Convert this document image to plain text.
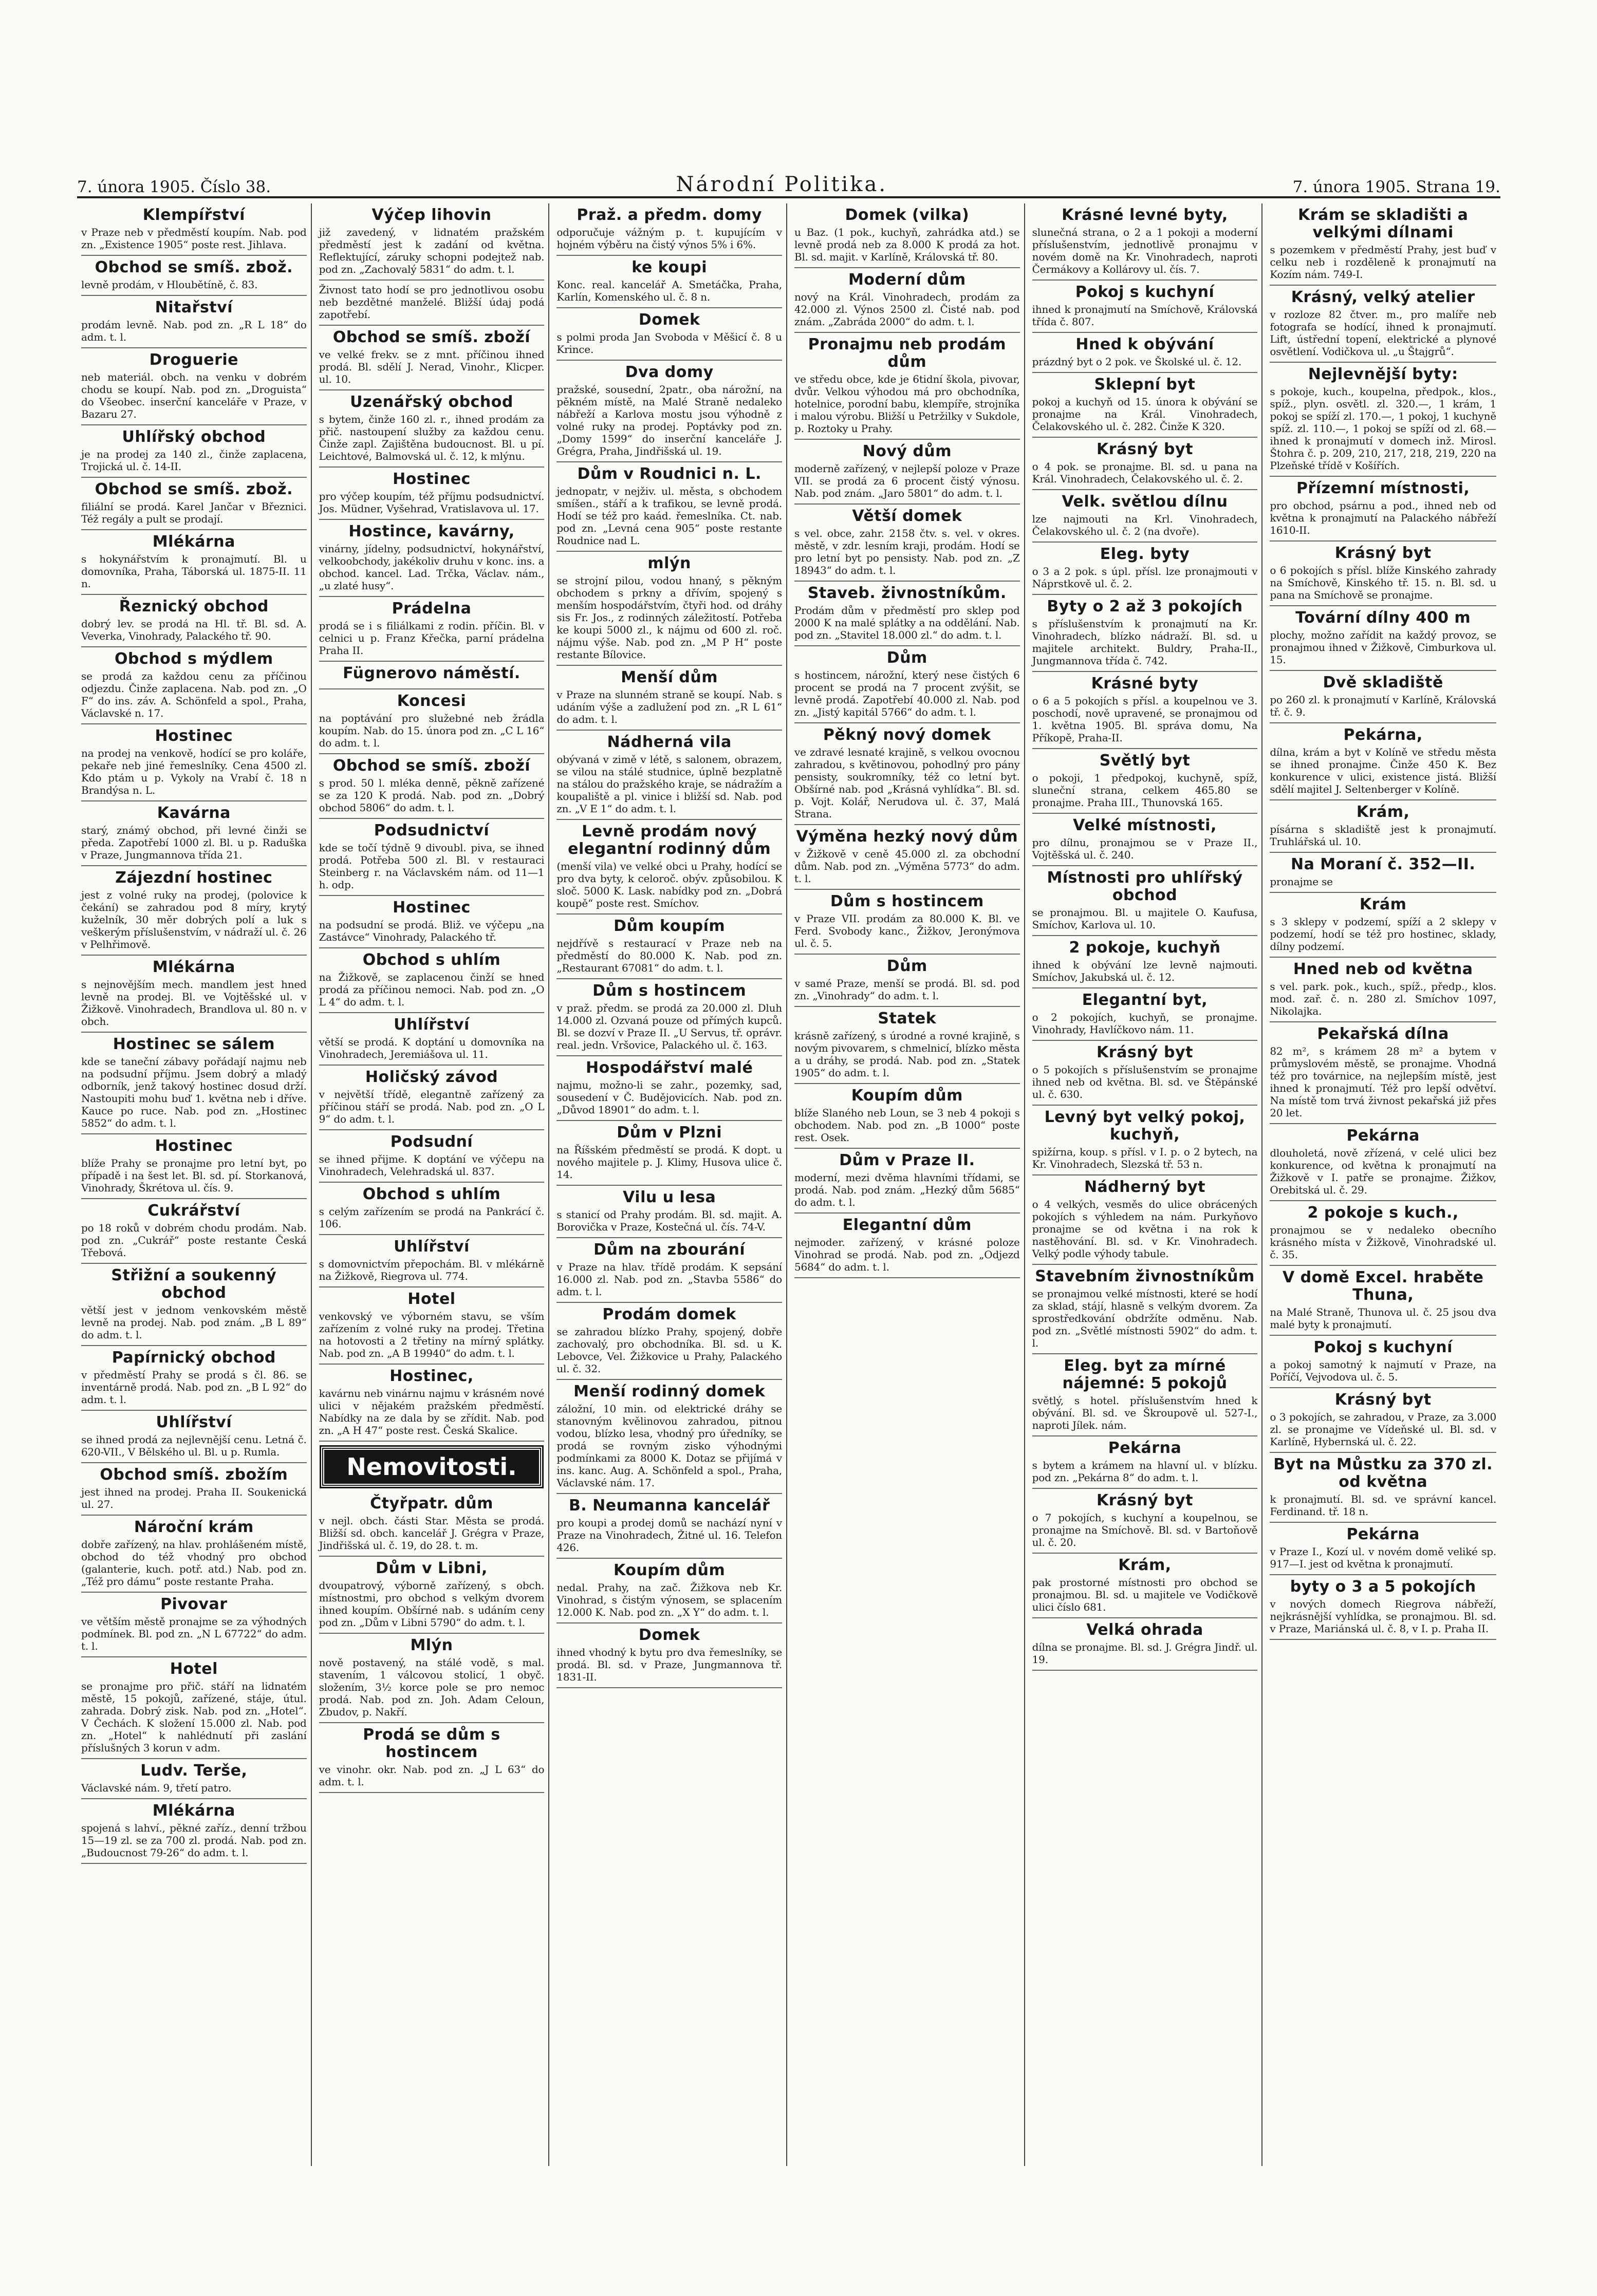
7. února 1905. Číslo 38.	Národní Politika.	7. února 1905. Strana 19.
Klempířství

v Praze neb v předměstí koupím. Nab. pod zn. „Existence 1905“ poste rest. Jihlava.

Obchod se smíš. zbož.

levně prodám, v Hloubětíně, č. 83.

Nitařství

prodám levně. Nab. pod zn. „R L 18“ do adm. t. l.

Droguerie

neb materiál. obch. na venku v dobrém chodu se koupí. Nab. pod zn. „Droguista“ do Všeobec. inserční kanceláře v Praze, v Bazaru 27.

Uhlířský obchod

je na prodej za 140 zl., činže zaplacena, Trojická ul. č. 14-II.

Obchod se smíš. zbož.

filiální se prodá. Karel Jančar v Březnici. Též regály a pult se prodají.

Mlékárna

s hokynářstvím k pronajmutí. Bl. u domovníka, Praha, Táborská ul. 1875-II. 11 n.

Řeznický obchod

dobrý lev. se prodá na Hl. tř. Bl. sd. A. Veverka, Vinohrady, Palackého tř. 90.

Obchod s mýdlem

se prodá za každou cenu za příčinou odjezdu. Činže zaplacena. Nab. pod zn. „O F“ do ins. záv. A. Schönfeld a spol., Praha, Václavské n. 17.

Hostinec

na prodej na venkově, hodící se pro koláře, pekaře neb jiné řemeslníky. Cena 4500 zl. Kdo ptám u p. Vykoly na Vrabí č. 18 n Brandýsa n. L.

Kavárna

starý, známý obchod, při levné činži se předa. Zapotřebí 1000 zl. Bl. u p. Raduška v Praze, Jungmannova třída 21.

Zájezdní hostinec

jest z volné ruky na prodej, (polovice k čekání) se zahradou pod 8 míry, krytý kuželník, 30 měr dobrých polí a luk s veškerým příslušenstvím, v nádraží ul. č. 26 v Pelhřimově.

Mlékárna

s nejnovějším mech. mandlem jest hned levně na prodej. Bl. ve Vojtěšské ul. v Žižkově. Vinohradech, Brandlova ul. 80 n. v obch.

Hostinec se sálem

kde se taneční zábavy pořádají najmu neb na podsudní příjmu. Jsem dobrý a mladý odborník, jenž takový hostinec dosud drží. Nastoupiti mohu buď 1. května neb i dříve. Kauce po ruce. Nab. pod zn. „Hostinec 5852“ do adm. t. l.

Hostinec

blíže Prahy se pronajme pro letní byt, po případě i na šest let. Bl. sd. pí. Storkanová, Vinohrady, Škrétova ul. čís. 9.

Cukrářství

po 18 roků v dobrém chodu prodám. Nab. pod zn. „Cukrář“ poste restante Česká Třebová.

Střižní a soukenný obchod

větší jest v jednom venkovském městě levně na prodej. Nab. pod znám. „B L 89“ do adm. t. l.

Papírnický obchod

v předměstí Prahy se prodá s čl. 86. se inventárně prodá. Nab. pod zn. „B L 92“ do adm. t. l.

Uhlířství

se ihned prodá za nejlevnější cenu. Letná č. 620-VII., V Bělského ul. Bl. u p. Rumla.

Obchod smíš. zbožím

jest ihned na prodej. Praha II. Soukenická ul. 27.

Nároční krám

dobře zařízený, na hlav. prohlášeném místě, obchod do též vhodný pro obchod (galanterie, kuch. potř. atd.) Nab. pod zn. „Též pro dámu“ poste restante Praha.

Pivovar

ve větším městě pronajme se za výhodných podmínek. Bl. pod zn. „N L 67722“ do adm. t. l.

Hotel

se pronajme pro přič. stáří na lidnatém městě, 15 pokojů, zařízené, stáje, útul. zahrada. Dobrý zisk. Nab. pod zn. „Hotel“. V Čechách. K složení 15.000 zl. Nab. pod zn. „Hotel“ k nahlédnutí při zaslání příslušných 3 korun v adm.

Ludv. Terše,

Václavské nám. 9, třetí patro.

Mlékárna

spojená s lahví., pěkné zaříz., denní tržbou 15—19 zl. se za 700 zl. prodá. Nab. pod zn. „Budoucnost 79-26“ do adm. t. l.

Výčep lihovin

již zavedený, v lidnatém pražském předměstí jest k zadání od května. Reflektující, záruky schopni podejtež nab. pod zn. „Zachovalý 5831“ do adm. t. l.

Živnost tato hodí se pro jednotlivou osobu neb bezdětné manželé. Bližší údaj podá zapotřebí.

Obchod se smíš. zboží

ve velké frekv. se z mnt. příčinou ihned prodá. Bl. sdělí J. Nerad, Vinohr., Klicper. ul. 10.

Uzenářský obchod

s bytem, činže 160 zl. r., ihned prodám za přič. nastoupení služby za každou cenu. Činže zapl. Zajištěna budoucnost. Bl. u pí. Leichtové, Balmovská ul. č. 12, k mlýnu.

Hostinec

pro výčep koupím, též příjmu podsudnictví. Jos. Müdner, Vyšehrad, Vratislavova ul. 17.

Hostince, kavárny,

vinárny, jídelny, podsudnictví, hokynářství, velkoobchody, jakékoliv druhu v konc. ins. a obchod. kancel. Lad. Trčka, Václav. nám., „u zlaté husy“.

Prádelna

prodá se i s filiálkami z rodin. příčin. Bl. v celnici u p. Franz Křečka, parní prádelna Praha II.

Fügnerovo náměstí.
Koncesi

na poptávání pro služebné neb žrádla koupím. Nab. do 15. února pod zn. „C L 16“ do adm. t. l.

Obchod se smíš. zboží

s prod. 50 l. mléka denně, pěkně zařízené se za 120 K prodá. Nab. pod zn. „Dobrý obchod 5806“ do adm. t. l.

Podsudnictví

kde se točí týdně 9 divoubl. piva, se ihned prodá. Potřeba 500 zl. Bl. v restauraci Steinberg r. na Václavském nám. od 11—1 h. odp.

Hostinec

na podsudní se prodá. Bliž. ve výčepu „na Zastávce“ Vinohrady, Palackého tř.

Obchod s uhlím

na Žižkově, se zaplacenou činží se hned prodá za příčinou nemoci. Nab. pod zn. „O L 4“ do adm. t. l.

Uhlířství

větší se prodá. K doptání u domovníka na Vinohradech, Jeremiášova ul. 11.

Holičský závod

v největší třídě, elegantně zařízený za příčinou stáří se prodá. Nab. pod zn. „O L 9“ do adm. t. l.

Podsudní

se ihned přijme. K doptání ve výčepu na Vinohradech, Velehradská ul. 837.

Obchod s uhlím

s celým zařízením se prodá na Pankrácí č. 106.

Uhlířství

s domovnictvím přepochám. Bl. v mlékárně na Žižkově, Riegrova ul. 774.

Hotel

venkovský ve výborném stavu, se vším zařízením z volné ruky na prodej. Třetina na hotovosti a 2 třetiny na mírný splátky. Nab. pod zn. „A B 19940“ do adm. t. l.

Hostinec,

kavárnu neb vinárnu najmu v krásném nové ulici v nějakém pražském předměstí. Nabídky na ze dala by se zřídit. Nab. pod zn. „A H 47“ poste rest. Česká Skalice.

Nemovitosti.
Čtyřpatr. dům

v nejl. obch. části Star. Města se prodá. Bližší sd. obch. kancelář J. Grégra v Praze, Jindřišská ul. č. 19, do 28. t. m.

Dům v Libni,

dvoupatrový, výborně zařízený, s obch. místnostmi, pro obchod s velkým dvorem ihned koupím. Obšírné nab. s udáním ceny pod zn. „Dům v Libni 5790“ do adm. t. l.

Mlýn

nově postavený, na stálé vodě, s mal. stavením, 1 válcovou stolicí, 1 obyč. složením, 3½ korce pole se pro nemoc prodá. Nab. pod zn. Joh. Adam Celoun, Zbudov, p. Nakří.

Prodá se dům s hostincem

ve vinohr. okr. Nab. pod zn. „J L 63“ do adm. t. l.

Praž. a předm. domy

odporučuje vážným p. t. kupujícím v hojném výběru na čistý výnos 5% i 6%.

ke koupi

Konc. real. kancelář A. Smetáčka, Praha, Karlín, Komenského ul. č. 8 n.

Domek

s polmi proda Jan Svoboda v Měšicí č. 8 u Krince.

Dva domy

pražské, sousední, 2patr., oba nárožní, na pěkném místě, na Malé Straně nedaleko nábřeží a Karlova mostu jsou výhodně z volné ruky na prodej. Poptávky pod zn. „Domy 1599“ do inserční kanceláře J. Grégra, Praha, Jindřišská ul. 19.

Dům v Roudnici n. L.

jednopatr, v nejživ. ul. města, s obchodem smíšen., stáří a k trafikou, se levně prodá. Hodí se též pro kaád. řemeslníka. Ct. nab. pod zn. „Levná cena 905“ poste restante Roudnice nad L.

mlýn

se strojní pilou, vodou hnaný, s pěkným obchodem s prkny a dřívím, spojený s menším hospodářstvím, čtyři hod. od dráhy sis Fr. Jos., z rodinných záležitostí. Potřeba ke koupi 5000 zl., k nájmu od 600 zl. roč. nájmu výše. Nab. pod zn. „M P H“ poste restante Bílovice.

Menší dům

v Praze na slunném straně se koupí. Nab. s udáním výše a zadlužení pod zn. „R L 61“ do adm. t. l.

Nádherná vila

obývaná v zimě v létě, s salonem, obrazem, se vilou na stálé studnice, úplně bezplatně na stálou do pražského kraje, se nádražím a koupaliště a pl. vinice i bližší sd. Nab. pod zn. „V E 1“ do adm. t. l.

Levně prodám nový elegantní rodinný dům

(menší vila) ve velké obci u Prahy, hodící se pro dva byty, k celoroč. obýv. způsobilou. K sloč. 5000 K. Lask. nabídky pod zn. „Dobrá koupě“ poste rest. Smíchov.

Dům koupím

nejdřívě s restaurací v Praze neb na předměstí do 80.000 K. Nab. pod zn. „Restaurant 67081“ do adm. t. l.

Dům s hostincem

v praž. předm. se prodá za 20.000 zl. Dluh 14.000 zl. Ozvaná pouze od přímých kupců. Bl. se dozví v Praze II. „U Servus, tř. oprávr. real. jedn. Vršovice, Palackého ul. č. 163.

Hospodářství malé

najmu, možno-li se zahr., pozemky, sad, sousedení v Č. Budějovicích. Nab. pod zn. „Důvod 18901“ do adm. t. l.

Dům v Plzni

na Říšském předměstí se prodá. K dopt. u nového majitele p. J. Klimy, Husova ulice č. 14.

Vilu u lesa

s stanicí od Prahy prodám. Bl. sd. majit. A. Borovička v Praze, Kostečná ul. čís. 74-V.

Dům na zbourání

v Praze na hlav. třídě prodám. K sepsání 16.000 zl. Nab. pod zn. „Stavba 5586“ do adm. t. l.

Prodám domek

se zahradou blízko Prahy, spojený, dobře zachovalý, pro obchodníka. Bl. sd. u K. Lebovce, Vel. Žižkovice u Prahy, Palackého ul. č. 32.

Menší rodinný domek

záložní, 10 min. od elektrické dráhy se stanovným kvělinovou zahradou, pitnou vodou, blízko lesa, vhodný pro úředníky, se prodá se rovným zisko výhodnými podmínkami za 8000 K. Dotaz se přijímá v ins. kanc. Aug. A. Schönfeld a spol., Praha, Václavské nám. 17.

B. Neumanna kancelář

pro koupi a prodej domů se nachází nyní v Praze na Vinohradech, Žitné ul. 16. Telefon 426.

Koupím dům

nedal. Prahy, na zač. Žižkova neb Kr. Vinohrad, s čistým výnosem, se splacením 12.000 K. Nab. pod zn. „X Y“ do adm. t. l.

Domek

ihned vhodný k bytu pro dva řemeslníky, se prodá. Bl. sd. v Praze, Jungmannova tř. 1831-II.

Domek (vilka)

u Baz. (1 pok., kuchyň, zahrádka atd.) se levně prodá neb za 8.000 K prodá za hot. Bl. sd. majit. v Karlíně, Královská tř. 80.

Moderní dům

nový na Král. Vinohradech, prodám za 42.000 zl. Výnos 2500 zl. Čisté nab. pod znám. „Zabráda 2000“ do adm. t. l.

Pronajmu neb prodám dům

ve středu obce, kde je 6tidní škola, pivovar, dvůr. Velkou výhodou má pro obchodníka, hotelnice, porodní babu, klempíře, strojníka i malou výrobu. Bližší u Petržilky v Sukdole, p. Roztoky u Prahy.

Nový dům

moderně zařízený, v nejlepší poloze v Praze VII. se prodá za 6 procent čistý výnosu. Nab. pod znám. „Jaro 5801“ do adm. t. l.

Větší domek

s vel. obce, zahr. 2158 čtv. s. vel. v okres. městě, v zdr. lesním kraji, prodám. Hodí se pro letní byt po pensisty. Nab. pod zn. „Z 18943“ do adm. t. l.

Staveb. živnostníkům.

Prodám dům v předměstí pro sklep pod 2000 K na malé splátky a na oddělání. Nab. pod zn. „Stavitel 18.000 zl.“ do adm. t. l.

Dům

s hostincem, nárožní, který nese čistých 6 procent se prodá na 7 procent zvýšit, se levně prodá. Zapotřebí 40.000 zl. Nab. pod zn. „Jistý kapitál 5766“ do adm. t. l.

Pěkný nový domek

ve zdravé lesnaté krajině, s velkou ovocnou zahradou, s květinovou, pohodlný pro pány pensisty, soukromníky, též co letní byt. Obšírné nab. pod „Krásná vyhlídka“. Bl. sd. p. Vojt. Kolář, Nerudova ul. č. 37, Malá Strana.

Výměna hezký nový dům

v Žižkově v ceně 45.000 zl. za obchodní dům. Nab. pod zn. „Výměna 5773“ do adm. t. l.

Dům s hostincem

v Praze VII. prodám za 80.000 K. Bl. ve Ferd. Svobody kanc., Žižkov, Jeronýmova ul. č. 5.

Dům

v samé Praze, menší se prodá. Bl. sd. pod zn. „Vinohrady“ do adm. t. l.

Statek

krásně zařízený, s úrodné a rovné krajině, s novým pivovarem, s chmelnicí, blízko města a u dráhy, se prodá. Nab. pod zn. „Statek 1905“ do adm. t. l.

Koupím dům

blíže Slaného neb Loun, se 3 neb 4 pokoji s obchodem. Nab. pod zn. „B 1000“ poste rest. Osek.

Dům v Praze II.

moderní, mezi dvěma hlavními třídami, se prodá. Nab. pod znám. „Hezký dům 5685“ do adm. t. l.

Elegantní dům

nejmoder. zařízený, v krásné poloze Vinohrad se prodá. Nab. pod zn. „Odjezd 5684“ do adm. t. l.

Krásné levné byty,

slunečná strana, o 2 a 1 pokoji a moderní příslušenstvím, jednotlivě pronajmu v novém domě na Kr. Vinohradech, naproti Čermákovy a Kollárovy ul. čís. 7.

Pokoj s kuchyní

ihned k pronajmutí na Smíchově, Královská třída č. 807.

Hned k obývání

prázdný byt o 2 pok. ve Školské ul. č. 12.

Sklepní byt

pokoj a kuchyň od 15. února k obývání se pronajme na Král. Vinohradech, Čelakovského ul. č. 282. Činže K 320.

Krásný byt

o 4 pok. se pronajme. Bl. sd. u pana na Král. Vinohradech, Čelakovského ul. č. 2.

Velk. světlou dílnu

lze najmouti na Krl. Vinohradech, Čelakovského ul. č. 2 (na dvoře).

Eleg. byty

o 3 a 2 pok. s úpl. přísl. lze pronajmouti v Náprstkově ul. č. 2.

Byty o 2 až 3 pokojích

s příslušenstvím k pronajmutí na Kr. Vinohradech, blízko nádraží. Bl. sd. u majitele architekt. Buldry, Praha-II., Jungmannova třída č. 742.

Krásné byty

o 6 a 5 pokojích s přísl. a koupelnou ve 3. poschodí, nově upravené, se pronajmou od 1. května 1905. Bl. správa domu, Na Příkopě, Praha-II.

Světlý byt

o pokoji, 1 předpokoj, kuchyně, spíž, sluneční strana, celkem 465.80 se pronajme. Praha III., Thunovská 165.

Velké místnosti,

pro dílnu, pronajmou se v Praze II., Vojtěšská ul. č. 240.

Místnosti pro uhlířský obchod

se pronajmou. Bl. u majitele O. Kaufusa, Smíchov, Karlova ul. 10.

2 pokoje, kuchyň

ihned k obývání lze levně najmouti. Smíchov, Jakubská ul. č. 12.

Elegantní byt,

o 2 pokojích, kuchyň, se pronajme. Vinohrady, Havlíčkovo nám. 11.

Krásný byt

o 5 pokojích s příslušenstvím se pronajme ihned neb od května. Bl. sd. ve Štěpánské ul. č. 630.

Levný byt velký pokoj, kuchyň,

spižírna, koup. s přísl. v I. p. o 2 bytech, na Kr. Vinohradech, Slezská tř. 53 n.

Nádherný byt

o 4 velkých, vesměs do ulice obrácených pokojích s výhledem na nám. Purkyňovo pronajme se od května i na rok k nastěhování. Bl. sd. v Kr. Vinohradech. Velký podle výhody tabule.

Stavebním živnostníkům

se pronajmou velké místnosti, které se hodí za sklad, stájí, hlasně s velkým dvorem. Za sprostředkování obdržíte odměnu. Nab. pod zn. „Světlé místnosti 5902“ do adm. t. l.

Eleg. byt za mírné nájemné: 5 pokojů

světlý, s hotel. příslušenstvím hned k obývání. Bl. sd. ve Škroupově ul. 527-I., naproti Jílek. nám.

Pekárna

s bytem a krámem na hlavní ul. v blízku. pod zn. „Pekárna 8“ do adm. t. l.

Krásný byt

o 7 pokojích, s kuchyní a koupelnou, se pronajme na Smíchově. Bl. sd. v Bartoňově ul. č. 20.

Krám,

pak prostorné místnosti pro obchod se pronajmou. Bl. sd. u majitele ve Vodičkově ulici číslo 681.

Velká ohrada

dílna se pronajme. Bl. sd. J. Grégra Jindř. ul. 19.

Krám se skladišti a velkými dílnami

s pozemkem v předměstí Prahy, jest buď v celku neb i rozděleně k pronajmutí na Kozím nám. 749-I.

Krásný, velký atelier

v rozloze 82 čtver. m., pro malíře neb fotografa se hodící, ihned k pronajmutí. Lift, ústřední topení, elektrické a plynové osvětlení. Vodičkova ul. „u Štajgrů“.

Nejlevnější byty:

s pokoje, kuch., koupelna, předpok., klos., spíž., plyn. osvětl. zl. 320.—, 1 krám, 1 pokoj se spíží zl. 170.—, 1 pokoj, 1 kuchyně spíž. zl. 110.—, 1 pokoj se spíží od zl. 68.— ihned k pronajmutí v domech inž. Mirosl. Štohra č. p. 209, 210, 217, 218, 219, 220 na Plzeňské třídě v Košířích.

Přízemní místnosti,

pro obchod, psárnu a pod., ihned neb od května k pronajmutí na Palackého nábřeží 1610-II.

Krásný byt

o 6 pokojích s přísl. blíže Kinského zahrady na Smíchově, Kinského tř. 15. n. Bl. sd. u pana na Smíchově se pronajme.

Tovární dílny 400 m

plochy, možno zařídit na každý provoz, se pronajmou ihned v Žižkově, Cimburkova ul. 15.

Dvě skladiště

po 260 zl. k pronajmutí v Karlíně, Královská tř. č. 9.

Pekárna,

dílna, krám a byt v Kolíně ve středu města se ihned pronajme. Činže 450 K. Bez konkurence v ulici, existence jistá. Bližší sdělí majitel J. Seltenberger v Kolíně.

Krám,

písárna s skladiště jest k pronajmutí. Truhlářská ul. 10.

Na Moraní č. 352—II.

pronajme se

Krám

s 3 sklepy v podzemí, spíží a 2 sklepy v podzemí, hodí se též pro hostinec, sklady, dílny podzemí.

Hned neb od května

s vel. park. pok., kuch., spíž., předp., klos. mod. zař. č. n. 280 zl. Smíchov 1097, Nikolajka.

Pekařská dílna

82 m², s krámem 28 m² a bytem v průmyslovém městě, se pronajme. Vhodná též pro továrnice, na nejlepším místě, jest ihned k pronajmutí. Též pro lepší odvětví. Na místě tom trvá živnost pekařská již přes 20 let.

Pekárna

dlouholetá, nově zřízená, v celé ulici bez konkurence, od května k pronajmutí na Žižkově v I. patře se pronajme. Žižkov, Orebitská ul. č. 29.

2 pokoje s kuch.,

pronajmou se v nedaleko obecního krásného místa v Žižkově, Vinohradské ul. č. 35.

V domě Excel. hraběte Thuna,

na Malé Straně, Thunova ul. č. 25 jsou dva malé byty k pronajmutí.

Pokoj s kuchyní

a pokoj samotný k najmutí v Praze, na Poříčí, Vejvodova ul. č. 5.

Krásný byt

o 3 pokojích, se zahradou, v Praze, za 3.000 zl. se pronajme ve Vídeňské ul. Bl. sd. v Karlíně, Hybernská ul. č. 22.

Byt na Můstku za 370 zl. od května

k pronajmutí. Bl. sd. ve správní kancel. Ferdinand. tř. 18 n.

Pekárna

v Praze I., Kozí ul. v novém domě veliké sp. 917—I. jest od května k pronajmutí.

byty o 3 a 5 pokojích

v nových domech Riegrova nábřeží, nejkrásnější vyhlídka, se pronajmou. Bl. sd. v Praze, Mariánská ul. č. 8, v I. p. Praha II.
